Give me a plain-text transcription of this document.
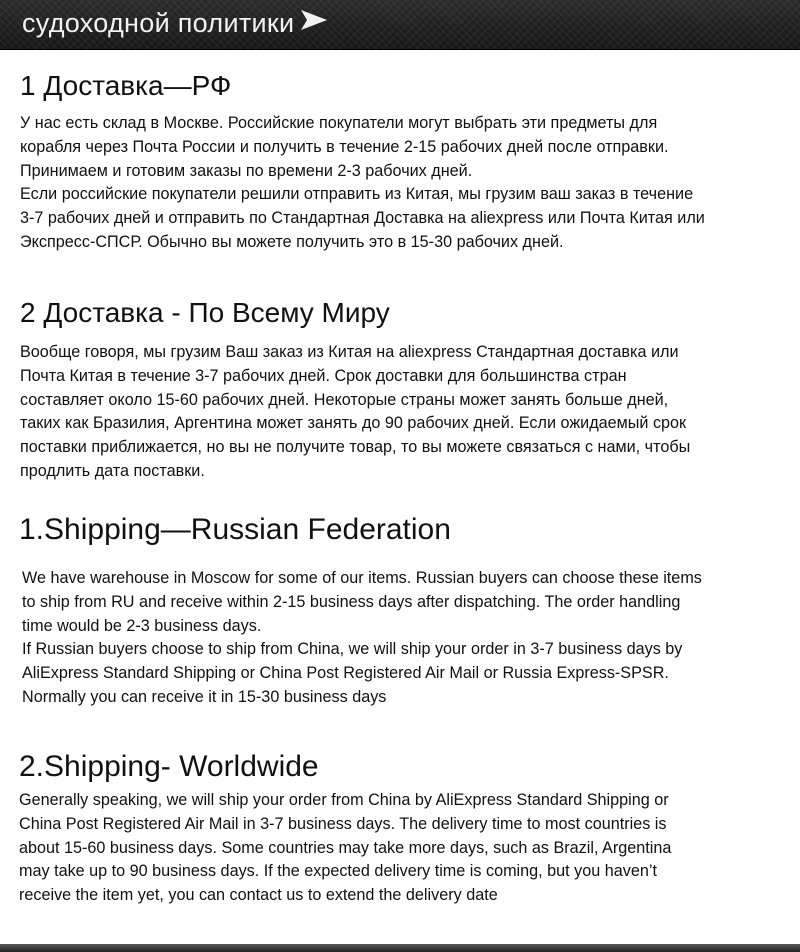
судоходной политики
1 Доставка—РФ

У нас есть склад в Москве. Российские покупатели могут выбрать эти предметы для
корабля через Почта России и получить в течение 2-15 рабочих дней после отправки.
Принимаем и готовим заказы по времени 2-3 рабочих дней.
Если российские покупатели решили отправить из Китая, мы грузим ваш заказ в течение
3-7 рабочих дней и отправить по Стандартная Доставка на aliexpress или Почта Китая или
Экспресс-СПСР. Обычно вы можете получить это в 15-30 рабочих дней.

2 Доставка - По Всему Миру

Вообще говоря, мы грузим Ваш заказ из Китая на aliexpress Стандартная доставка или
Почта Китая в течение 3-7 рабочих дней. Срок доставки для большинства стран
составляет около 15-60 рабочих дней. Некоторые страны может занять больше дней,
таких как Бразилия, Аргентина может занять до 90 рабочих дней. Если ожидаемый срок
поставки приближается, но вы не получите товар, то вы можете связаться с нами, чтобы
продлить дата поставки.

1.Shipping—Russian Federation

We have warehouse in Moscow for some of our items. Russian buyers can choose these items
to ship from RU and receive within 2-15 business days after dispatching. The order handling
time would be 2-3 business days.
If Russian buyers choose to ship from China, we will ship your order in 3-7 business days by
AliExpress Standard Shipping or China Post Registered Air Mail or Russia Express-SPSR.
Normally you can receive it in 15-30 business days

2.Shipping- Worldwide

Generally speaking, we will ship your order from China by AliExpress Standard Shipping or
China Post Registered Air Mail in 3-7 business days. The delivery time to most countries is
about 15-60 business days. Some countries may take more days, such as Brazil, Argentina
may take up to 90 business days. If the expected delivery time is coming, but you haven’t
receive the item yet, you can contact us to extend the delivery date
